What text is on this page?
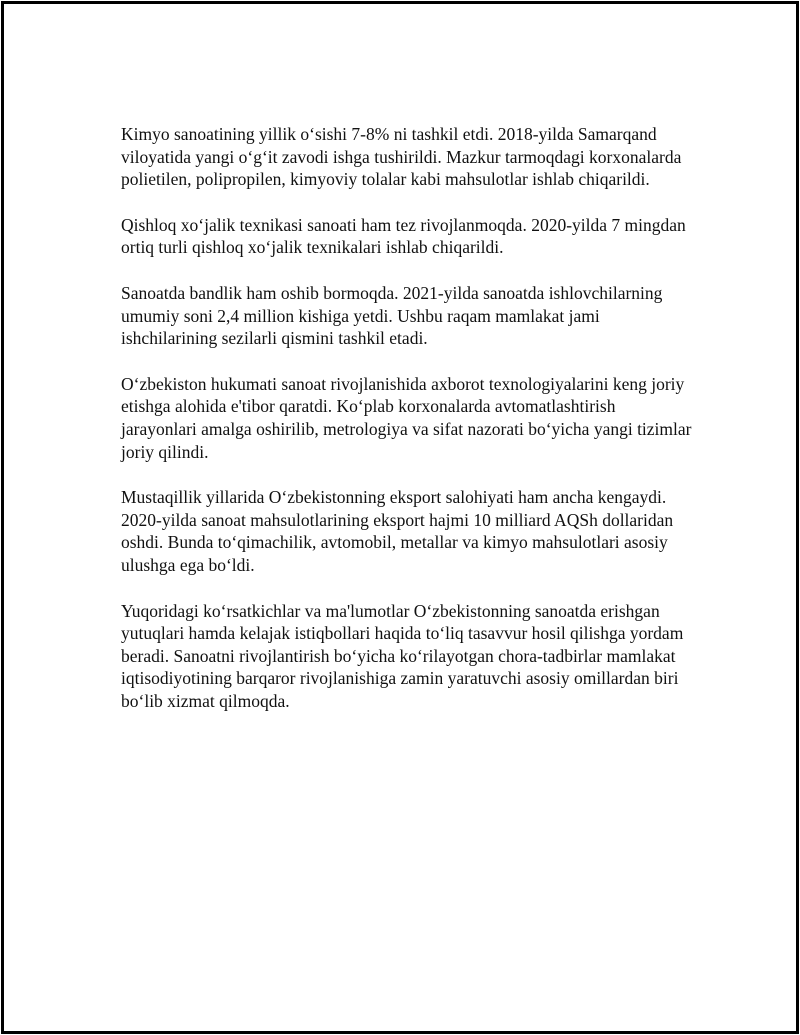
Kimyo sanoatining yillik o‘sishi 7-8% ni tashkil etdi. 2018-yilda Samarqand viloyatida yangi o‘g‘it zavodi ishga tushirildi. Mazkur tarmoqdagi korxonalarda polietilen, polipropilen, kimyoviy tolalar kabi mahsulotlar ishlab chiqarildi.

Qishloq xo‘jalik texnikasi sanoati ham tez rivojlanmoqda. 2020-yilda 7 mingdan ortiq turli qishloq xo‘jalik texnikalari ishlab chiqarildi.

Sanoatda bandlik ham oshib bormoqda. 2021-yilda sanoatda ishlovchilarning umumiy soni 2,4 million kishiga yetdi. Ushbu raqam mamlakat jami ishchilarining sezilarli qismini tashkil etadi.

O‘zbekiston hukumati sanoat rivojlanishida axborot texnologiyalarini keng joriy etishga alohida e'tibor qaratdi. Ko‘plab korxonalarda avtomatlashtirish jarayonlari amalga oshirilib, metrologiya va sifat nazorati bo‘yicha yangi tizimlar joriy qilindi.

Mustaqillik yillarida O‘zbekistonning eksport salohiyati ham ancha kengaydi. 2020-yilda sanoat mahsulotlarining eksport hajmi 10 milliard AQSh dollaridan oshdi. Bunda to‘qimachilik, avtomobil, metallar va kimyo mahsulotlari asosiy ulushga ega bo‘ldi.

Yuqoridagi ko‘rsatkichlar va ma'lumotlar O‘zbekistonning sanoatda erishgan yutuqlari hamda kelajak istiqbollari haqida to‘liq tasavvur hosil qilishga yordam beradi. Sanoatni rivojlantirish bo‘yicha ko‘rilayotgan chora-tadbirlar mamlakat iqtisodiyotining barqaror rivojlanishiga zamin yaratuvchi asosiy omillardan biri bo‘lib xizmat qilmoqda.
